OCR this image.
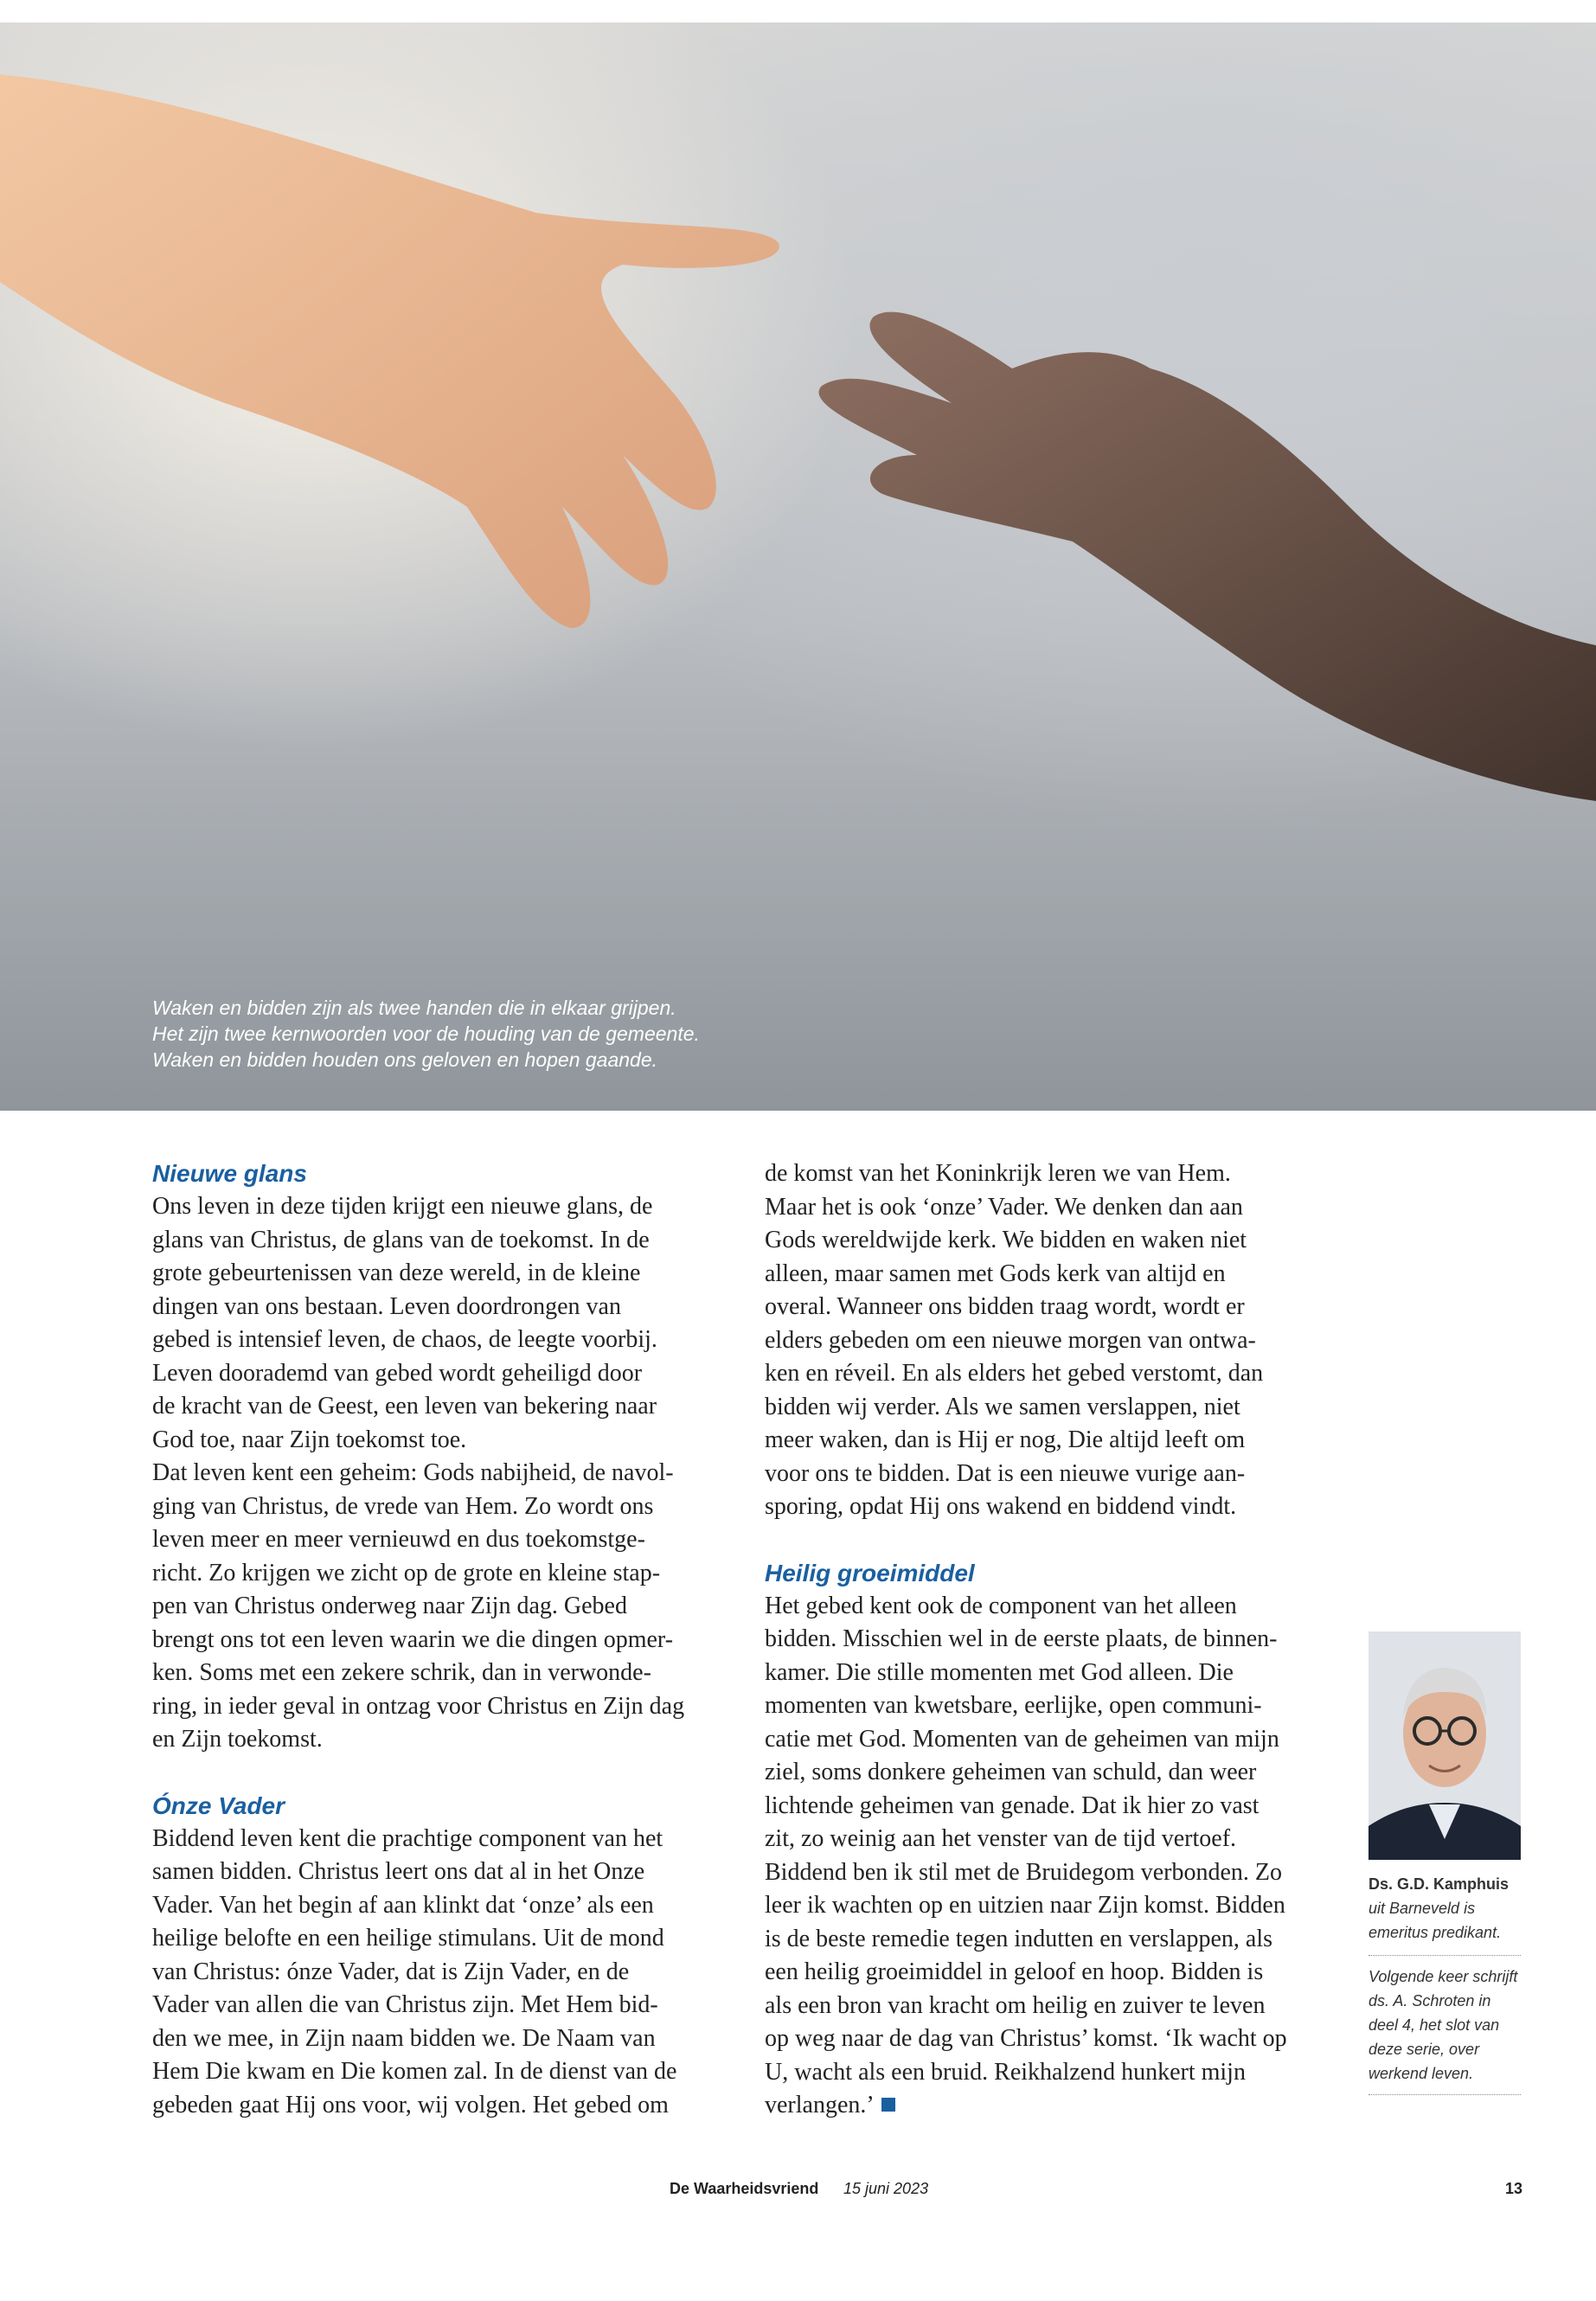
Waken en bidden zijn als twee handen die in elkaar grijpen.
Het zijn twee kernwoorden voor de houding van de gemeente.
Waken en bidden houden ons geloven en hopen gaande.
Nieuwe glans

Ons leven in deze tijden krijgt een nieuwe glans, de
glans van Christus, de glans van de toekomst. In de
grote gebeurtenissen van deze wereld, in de kleine
dingen van ons bestaan. Leven doordrongen van
gebed is intensief leven, de chaos, de leegte voorbij.
Leven doorademd van gebed wordt geheiligd door
de kracht van de Geest, een leven van bekering naar
God toe, naar Zijn toekomst toe.

Dat leven kent een geheim: Gods nabijheid, de navol-
ging van Christus, de vrede van Hem. Zo wordt ons
leven meer en meer vernieuwd en dus toekomstge-
richt. Zo krijgen we zicht op de grote en kleine stap-
pen van Christus onderweg naar Zijn dag. Gebed
brengt ons tot een leven waarin we die dingen opmer-
ken. Soms met een zekere schrik, dan in verwonde-
ring, in ieder geval in ontzag voor Christus en Zijn dag
en Zijn toekomst.

Ónze Vader

Biddend leven kent die prachtige component van het
samen bidden. Christus leert ons dat al in het Onze
Vader. Van het begin af aan klinkt dat ‘onze’ als een
heilige belofte en een heilige stimulans. Uit de mond
van Christus: ónze Vader, dat is Zijn Vader, en de
Vader van allen die van Christus zijn. Met Hem bid-
den we mee, in Zijn naam bidden we. De Naam van
Hem Die kwam en Die komen zal. In de dienst van de
gebeden gaat Hij ons voor, wij volgen. Het gebed om

de komst van het Koninkrijk leren we van Hem.
Maar het is ook ‘onze’ Vader. We denken dan aan
Gods wereldwijde kerk. We bidden en waken niet
alleen, maar samen met Gods kerk van altijd en
overal. Wanneer ons bidden traag wordt, wordt er
elders gebeden om een nieuwe morgen van ontwa-
ken en réveil. En als elders het gebed verstomt, dan
bidden wij verder. Als we samen verslappen, niet
meer waken, dan is Hij er nog, Die altijd leeft om
voor ons te bidden. Dat is een nieuwe vurige aan-
sporing, opdat Hij ons wakend en biddend vindt.

Heilig groeimiddel

Het gebed kent ook de component van het alleen
bidden. Misschien wel in de eerste plaats, de binnen-
kamer. Die stille momenten met God alleen. Die
momenten van kwetsbare, eerlijke, open communi-
catie met God. Momenten van de geheimen van mijn
ziel, soms donkere geheimen van schuld, dan weer
lichtende geheimen van genade. Dat ik hier zo vast
zit, zo weinig aan het venster van de tijd vertoef.
Biddend ben ik stil met de Bruidegom verbonden. Zo
leer ik wachten op en uitzien naar Zijn komst. Bidden
is de beste remedie tegen indutten en verslappen, als
een heilig groeimiddel in geloof en hoop. Bidden is
als een bron van kracht om heilig en zuiver te leven
op weg naar de dag van Christus’ komst. ‘Ik wacht op
U, wacht als een bruid. Reikhalzend hunkert mijn
verlangen.’

Ds. G.D. Kamphuis
uit Barneveld is
emeritus predikant.
Volgende keer schrijft
ds. A. Schroten in
deel 4, het slot van
deze serie, over
werkend leven.
De Waarheidsvriend 15 juni 2023	13
